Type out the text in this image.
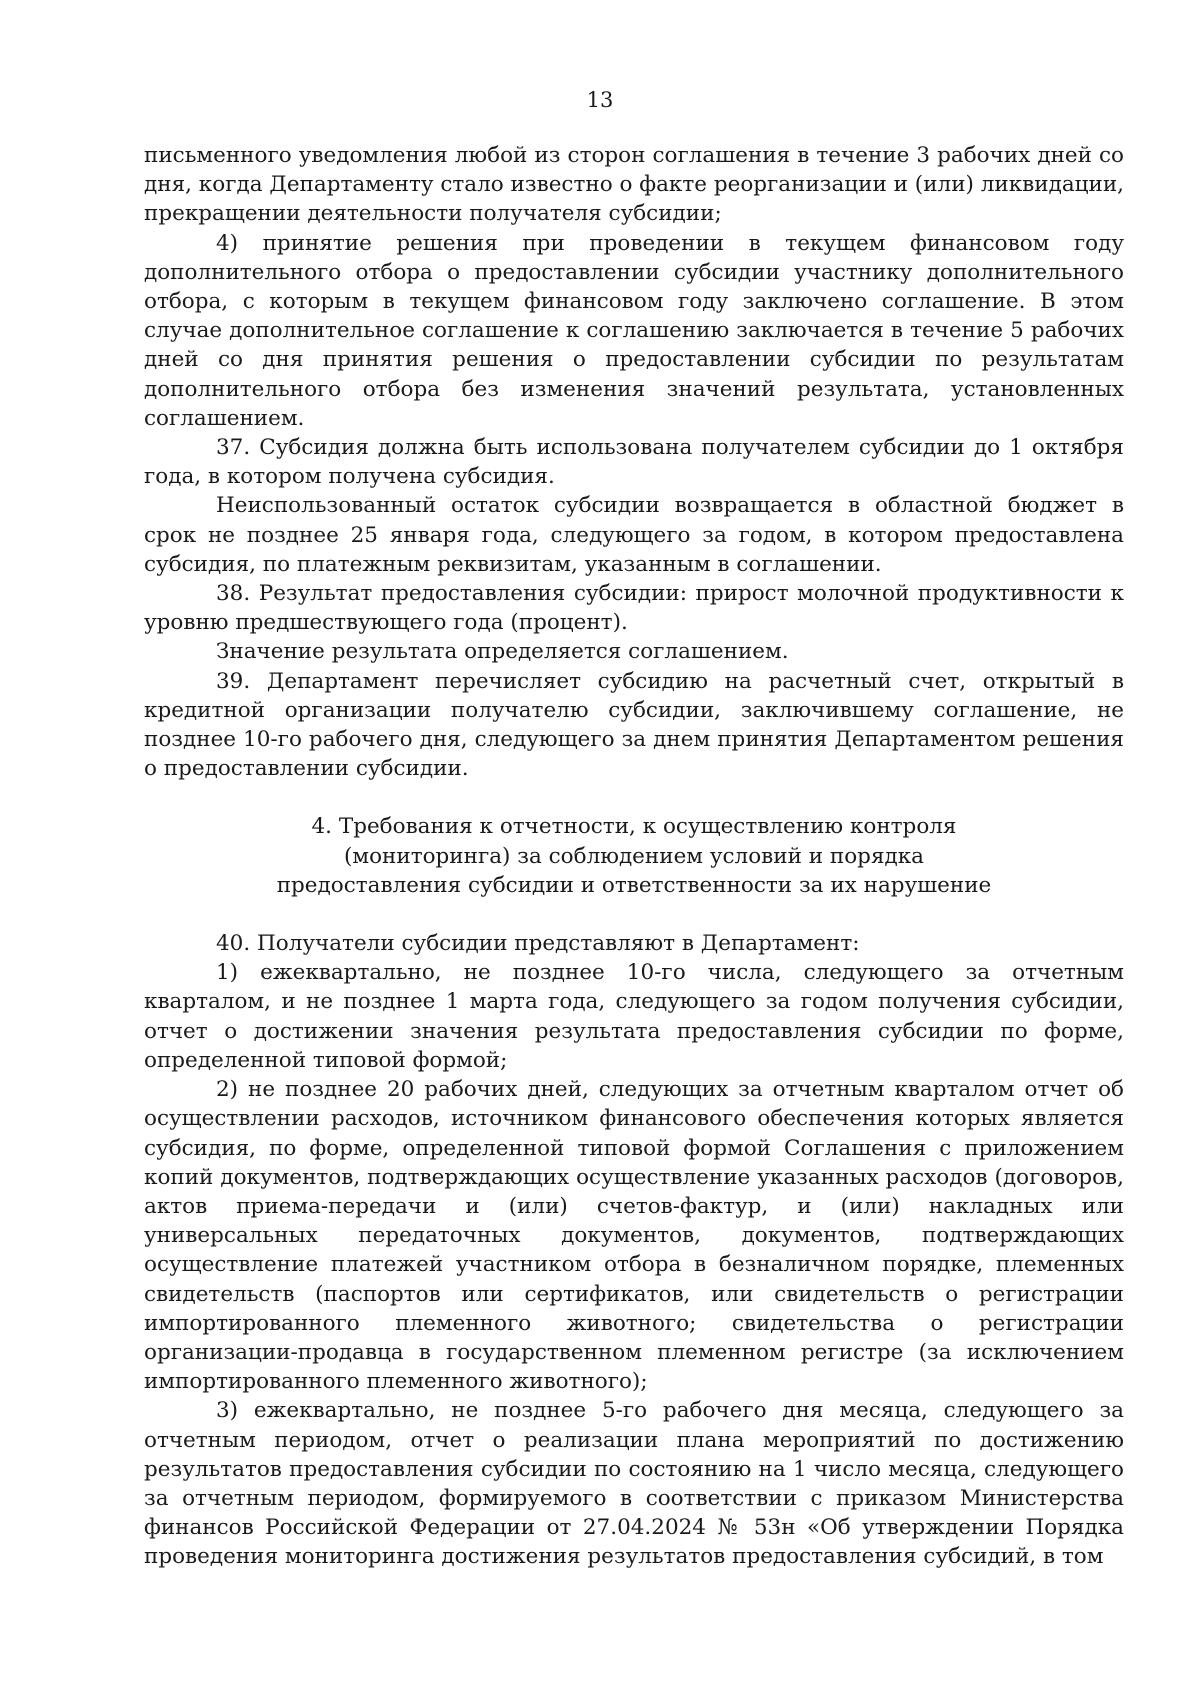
13

письменного уведомления любой из сторон соглашения в течение 3 рабочих дней со дня, когда Департаменту стало известно о факте реорганизации и (или) ликвидации, прекращении деятельности получателя субсидии;

4) принятие решения при проведении в текущем финансовом году дополнительного отбора о предоставлении субсидии участнику дополнительного отбора, с которым в текущем финансовом году заключено соглашение. В этом случае дополнительное соглашение к соглашению заключается в течение 5 рабочих дней со дня принятия решения о предоставлении субсидии по результатам дополнительного отбора без изменения значений результата, установленных соглашением.

37. Субсидия должна быть использована получателем субсидии до 1 октября года, в котором получена субсидия.

Неиспользованный остаток субсидии возвращается в областной бюджет в срок не позднее 25 января года, следующего за годом, в котором предоставлена субсидия, по платежным реквизитам, указанным в соглашении.

38. Результат предоставления субсидии: прирост молочной продуктивности к уровню предшествующего года (процент).

Значение результата определяется соглашением.

39. Департамент перечисляет субсидию на расчетный счет, открытый в кредитной организации получателю субсидии, заключившему соглашение, не позднее 10-го рабочего дня, следующего за днем принятия Департаментом решения о предоставлении субсидии.

4. Требования к отчетности, к осуществлению контроля
(мониторинга) за соблюдением условий и порядка
предоставления субсидии и ответственности за их нарушение

40. Получатели субсидии представляют в Департамент:

1) ежеквартально, не позднее 10-го числа, следующего за отчетным кварталом, и не позднее 1 марта года, следующего за годом получения субсидии, отчет о достижении значения результата предоставления субсидии по форме, определенной типовой формой;

2) не позднее 20 рабочих дней, следующих за отчетным кварталом отчет об осуществлении расходов, источником финансового обеспечения которых является субсидия, по форме, определенной типовой формой Соглашения с приложением копий документов, подтверждающих осуществление указанных расходов (договоров, актов приема-передачи и (или) счетов-фактур, и (или) накладных или универсальных передаточных документов, документов, подтверждающих осуществление платежей участником отбора в безналичном порядке, племенных свидетельств (паспортов или сертификатов, или свидетельств о регистрации импортированного племенного животного; свидетельства о регистрации организации-продавца в государственном племенном регистре (за исключением импортированного племенного животного);

3) ежеквартально, не позднее 5-го рабочего дня месяца, следующего за отчетным периодом, отчет о реализации плана мероприятий по достижению результатов предоставления субсидии по состоянию на 1 число месяца, следующего за отчетным периодом, формируемого в соответствии с приказом Министерства финансов Российской Федерации от 27.04.2024 № 53н «Об утверждении Порядка проведения мониторинга достижения результатов предоставления субсидий, в том
